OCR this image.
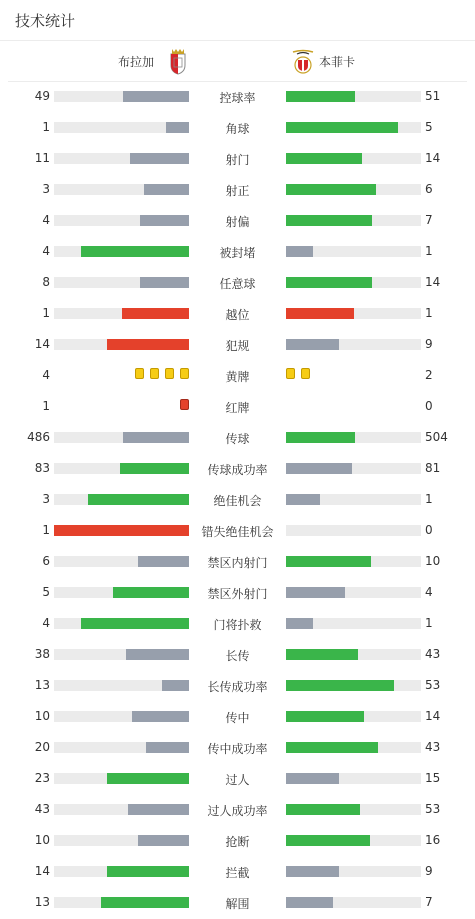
技术统计
布拉加	本菲卡
49	控球率	51
1	角球	5
11	射门	14
3	射正	6
4	射偏	7
4	被封堵	1
8	任意球	14
1	越位	1
14	犯规	9
4	黄牌	2
1	红牌	0
486	传球	504
83	传球成功率	81
3	绝佳机会	1
1	错失绝佳机会	0
6	禁区内射门	10
5	禁区外射门	4
4	门将扑救	1
38	长传	43
13	长传成功率	53
10	传中	14
20	传中成功率	43
23	过人	15
43	过人成功率	53
10	抢断	16
14	拦截	9
13	解围	7
